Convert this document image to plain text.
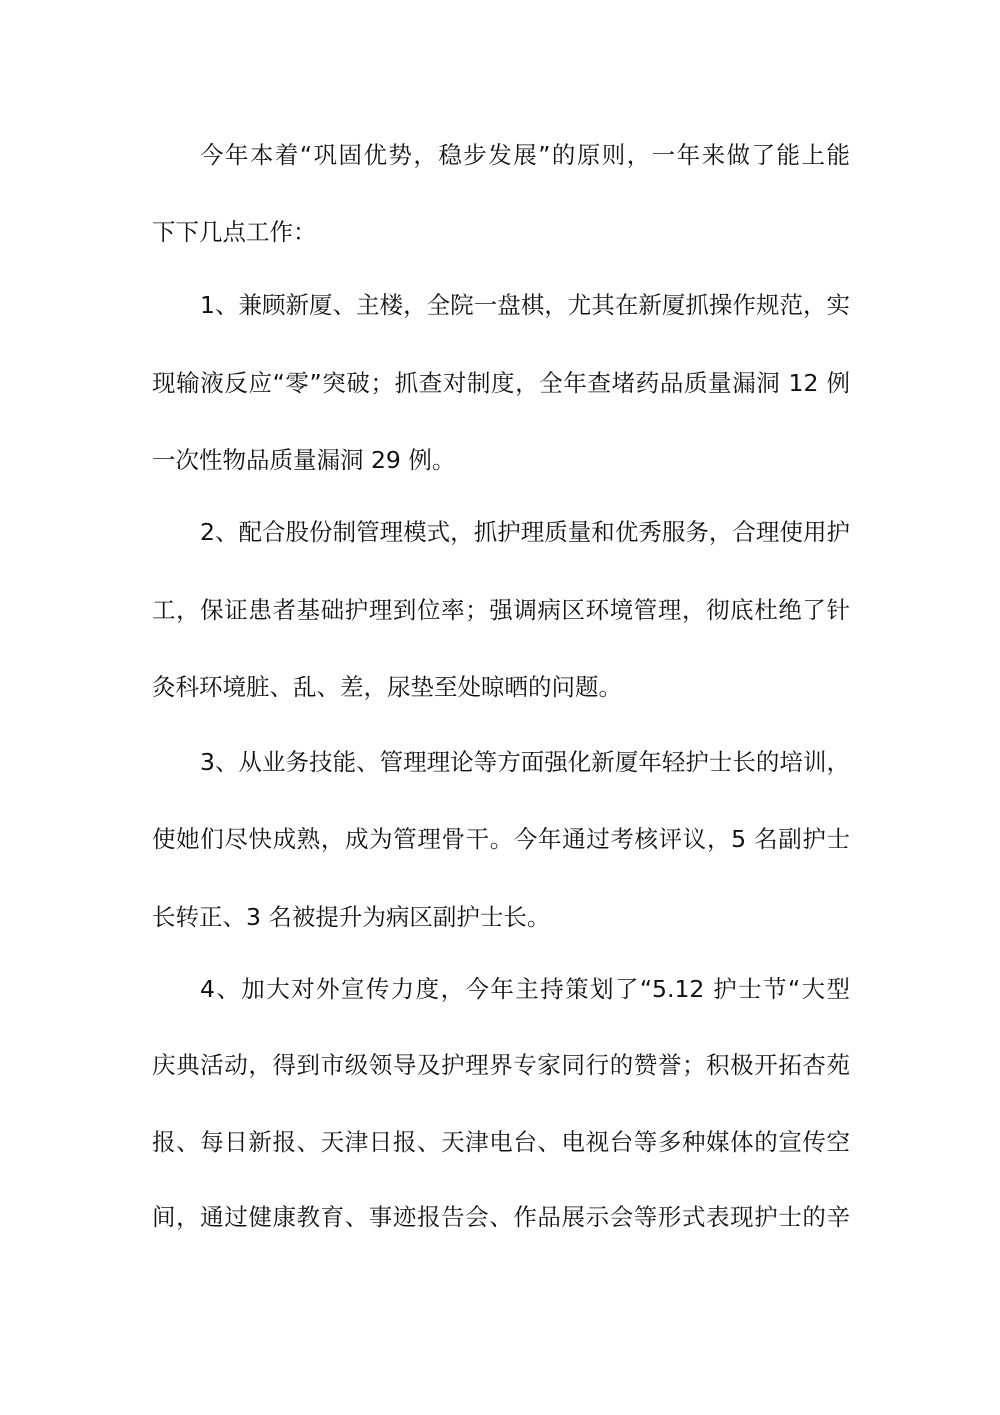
今年本着“巩固优势，稳步发展”的原则，一年来做了能上能
下下几点工作：
1、兼顾新厦、主楼，全院一盘棋，尤其在新厦抓操作规范，实
现输液反应“零”突破；抓查对制度，全年查堵药品质量漏洞 12 例
一次性物品质量漏洞 29 例。
2、配合股份制管理模式，抓护理质量和优秀服务，合理使用护
工，保证患者基础护理到位率；强调病区环境管理，彻底杜绝了针
灸科环境脏、乱、差，尿垫至处晾晒的问题。
3、从业务技能、管理理论等方面强化新厦年轻护士长的培训，
使她们尽快成熟，成为管理骨干。今年通过考核评议，5 名副护士
长转正、3 名被提升为病区副护士长。
4、加大对外宣传力度，今年主持策划了“5.12 护士节“大型
庆典活动，得到市级领导及护理界专家同行的赞誉；积极开拓杏苑
报、每日新报、天津日报、天津电台、电视台等多种媒体的宣传空
间，通过健康教育、事迹报告会、作品展示会等形式表现护士的辛
